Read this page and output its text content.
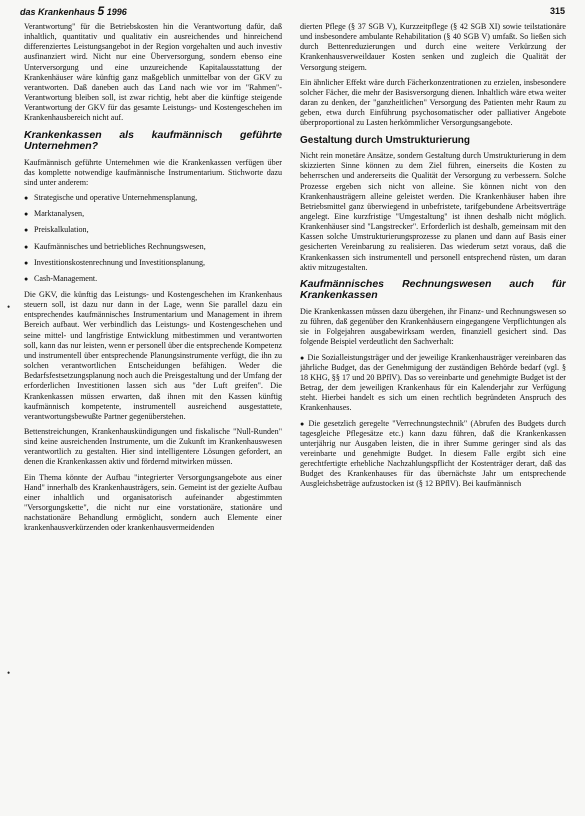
das Krankenhaus 5 1996	315
•
•

Verantwortung" für die Betriebskosten hin die Verantwortung dafür, daß inhaltlich, quantitativ und qualitativ ein ausreichendes und hinreichend differenziertes Leistungsangebot in der Region vorgehalten und auch investiv ausfinanziert wird. Nicht nur eine Überversorgung, sondern ebenso eine Unterversorgung und eine unzureichende Kapitalausstattung der Krankenhäuser wäre künftig ganz maßgeblich unmittelbar von der GKV zu verantworten. Daß daneben auch das Land nach wie vor im "Rahmen"-Verantwortung bleiben soll, ist zwar richtig, hebt aber die künftige steigende Verantwortung der GKV für das gesamte Leistungs- und Kostengeschehen im Krankenhausbereich nicht auf.

Krankenkassen als kaufmännisch geführte Unternehmen?

Kaufmännisch geführte Unternehmen wie die Krankenkassen verfügen über das komplette notwendige kaufmännische Instrumentarium. Stichworte dazu sind unter anderem:

● Strategische und operative Unternehmensplanung,
● Marktanalysen,
● Preiskalkulation,
● Kaufmännisches und betriebliches Rechnungswesen,
● Investitionskostenrechnung und Investitionsplanung,
● Cash-Management.

Die GKV, die künftig das Leistungs- und Kostengeschehen im Krankenhaus steuern soll, ist dazu nur dann in der Lage, wenn Sie parallel dazu ein entsprechendes kaufmännisches Instrumentarium und Management in ihrem Bereich aufbaut. Wer verbindlich das Leistungs- und Kostengeschehen und seine mittel- und langfristige Entwicklung mitbestimmen und verantworten soll, kann das nur leisten, wenn er personell über die entsprechende Kompetenz und instrumentell über entsprechende Planungsinstrumente verfügt, die ihn zu solchen verantwortlichen Entscheidungen befähigen. Weder die Bedarfsfestsetzungsplanung noch auch die Preisgestaltung und der Umfang der erforderlichen Investitionen lassen sich aus "der Luft greifen". Die Krankenkassen müssen erwarten, daß ihnen mit den Kassen künftig kaufmännisch kompetente, instrumentell ausreichend ausgestattete, verantwortungsbewußte Partner gegenüberstehen.

Bettenstreichungen, Krankenhauskündigungen und fiskalische "Null-Runden" sind keine ausreichenden Instrumente, um die Zukunft im Krankenhauswesen verantwortlich zu gestalten. Hier sind intelligentere Lösungen gefordert, an denen die Krankenkassen aktiv und fördernd mitwirken müssen.

Ein Thema könnte der Aufbau "integrierter Versorgungsangebote aus einer Hand" innerhalb des Krankenhausträgers, sein. Gemeint ist der gezielte Aufbau einer inhaltlich und organisatorisch aufeinander abgestimmten "Versorgungskette", die nicht nur eine vorstationäre, stationäre und nachstationäre Behandlung ermöglicht, sondern auch Elemente einer krankenhausverkürzenden oder krankenhausvermeidenden

dierten Pflege (§ 37 SGB V), Kurzzeitpflege (§ 42 SGB XI) sowie teilstationäre und insbesondere ambulante Rehabilitation (§ 40 SGB V) umfaßt. So ließen sich durch Bettenreduzierungen und durch eine weitere Verkürzung der Krankenhausverweildauer Kosten senken und zugleich die Qualität der Versorgung steigern.

Ein ähnlicher Effekt wäre durch Fächerkonzentrationen zu erzielen, insbesondere solcher Fächer, die mehr der Basisversorgung dienen. Inhaltlich wäre etwa weiter daran zu denken, der "ganzheitlichen" Versorgung des Patienten mehr Raum zu geben, etwa durch Einführung psychosomatischer oder palliativer Angebote überproportional zu Lasten herkömmlicher Versorgungsangebote.

Gestaltung durch Umstrukturierung

Nicht rein monetäre Ansätze, sondern Gestaltung durch Umstrukturierung in dem skizzierten Sinne können zu dem Ziel führen, einerseits die Kosten zu beherrschen und andererseits die Qualität der Versorgung zu verbessern. Solche Prozesse ergeben sich nicht von alleine. Sie können nicht von den Krankenhausträgern alleine geleistet werden. Die Krankenhäuser haben ihre Betriebsmittel ganz überwiegend in unbefristete, tarifgebundene Arbeitsverträge angelegt. Eine kurzfristige "Umgestaltung" ist ihnen deshalb nicht möglich. Krankenhäuser sind "Langstrecker". Erforderlich ist deshalb, gemeinsam mit den Kassen solche Umstrukturierungsprozesse zu planen und dann auf Basis einer gesicherten Vereinbarung zu realisieren. Das wiederum setzt voraus, daß die Krankenkassen sich instrumentell und personell entsprechend rüsten, um daran aktiv mitzugestalten.

Kaufmännisches Rechnungswesen auch für Krankenkassen

Die Krankenkassen müssen dazu übergehen, ihr Finanz- und Rechnungswesen so zu führen, daß gegenüber den Krankenhäusern eingegangene Verpflichtungen als sie in Folgejahren ausgabewirksam werden, finanziell gesichert sind. Das folgende Beispiel verdeutlicht den Sachverhalt:

● Die Sozialleistungsträger und der jeweilige Krankenhausträger vereinbaren das jährliche Budget, das der Genehmigung der zuständigen Behörde bedarf (vgl. § 18 KHG, §§ 17 und 20 BPflV). Das so vereinbarte und genehmigte Budget ist der Betrag, der dem jeweiligen Krankenhaus für ein Kalenderjahr zur Verfügung steht. Hierbei handelt es sich um einen rechtlich begründeten Anspruch des Krankenhauses.

● Die gesetzlich geregelte "Verrechnungstechnik" (Abrufen des Budgets durch tagesgleiche Pflegesätze etc.) kann dazu führen, daß die Krankenkassen unterjährig nur Ausgaben leisten, die in ihrer Summe geringer sind als das vereinbarte und genehmigte Budget. In diesem Falle ergibt sich eine gerechtfertigte erhebliche Nachzahlungspflicht der Kostenträger derart, daß das Budget des Krankenhauses für das übernächste Jahr um entsprechende Ausgleichsbeträge aufzustocken ist (§ 12 BPflV). Bei kaufmännisch
